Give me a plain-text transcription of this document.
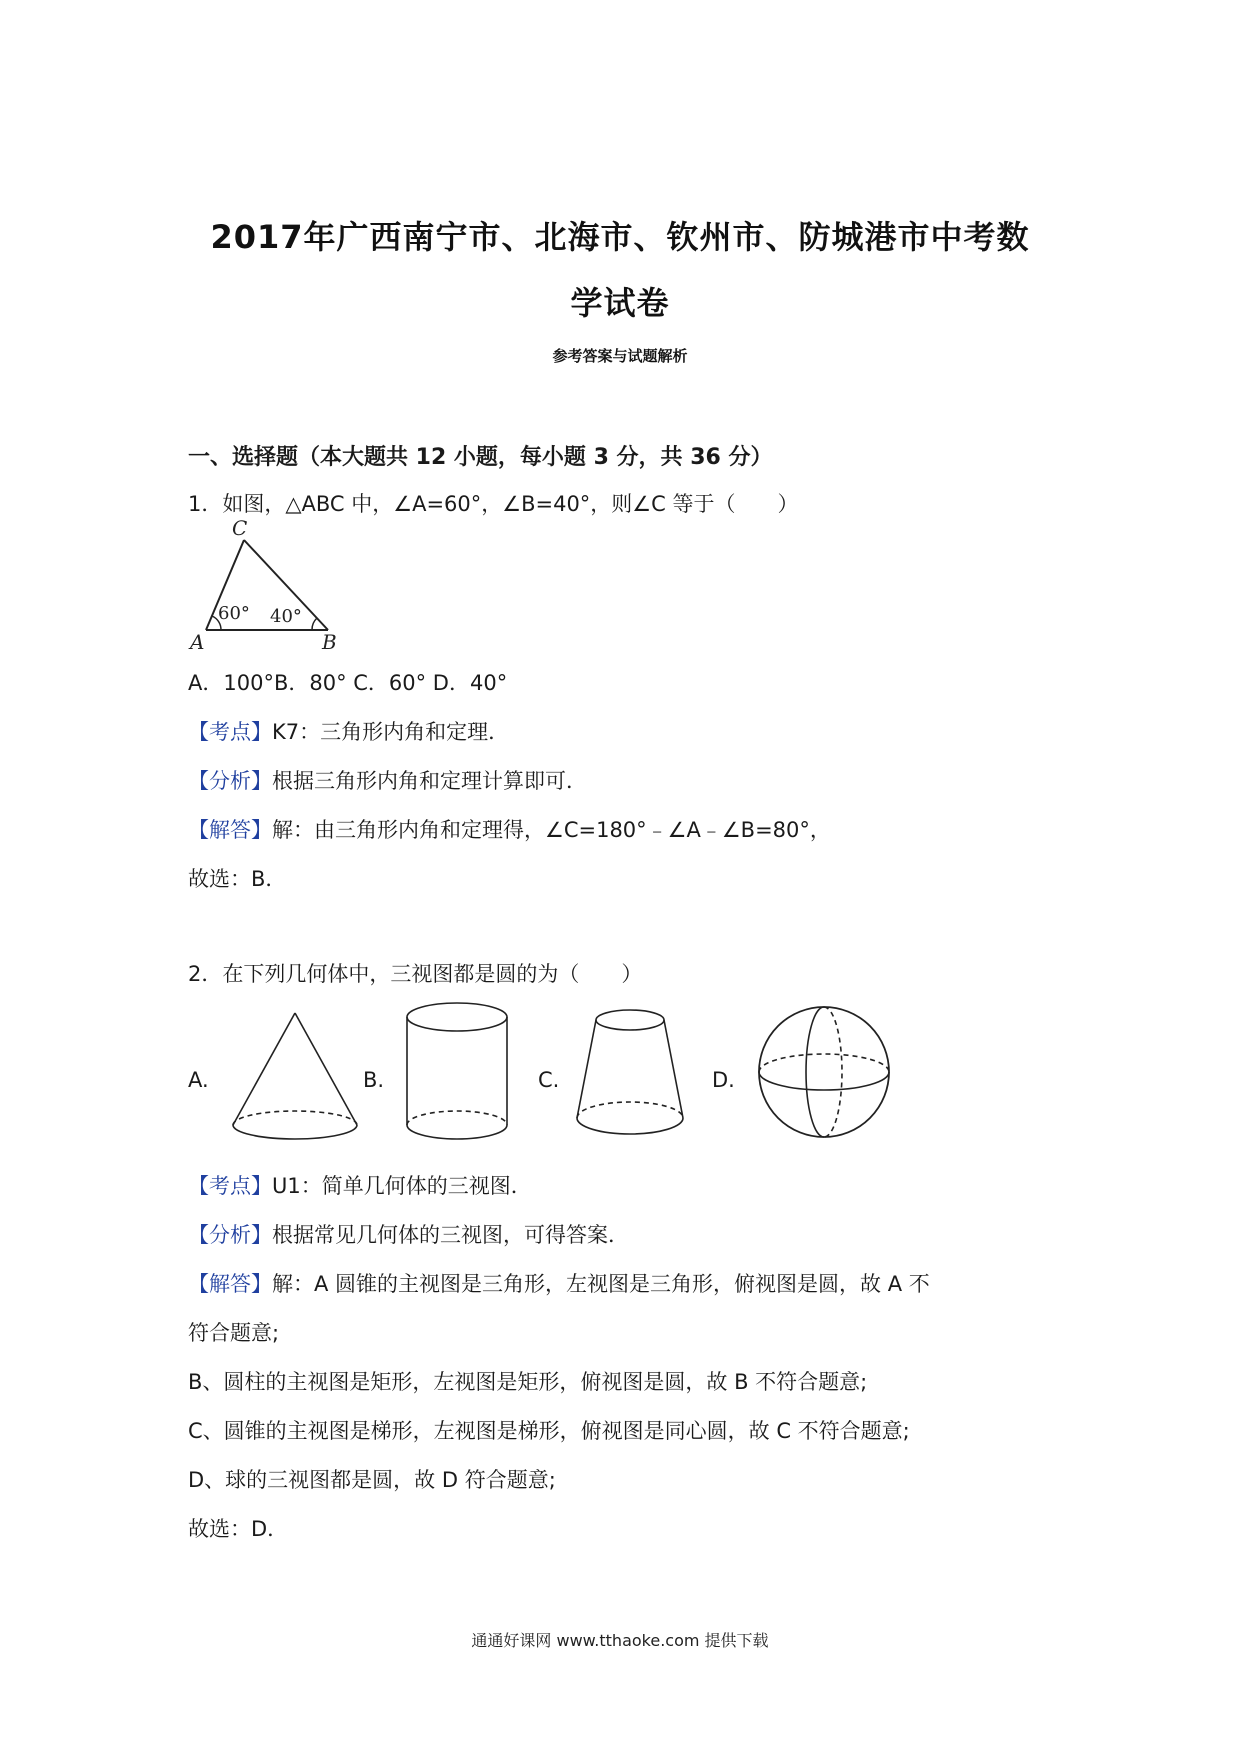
2017年广西南宁市、北海市、钦州市、防城港市中考数
学试卷
参考答案与试题解析
一、选择题（本大题共 12 小题，每小题 3 分，共 36 分）
1．如图，△ABC 中，∠A=60°，∠B=40°，则∠C 等于（　　）
C
A	B
60° 40°
A．100°B．80° C．60° D．40°
【考点】K7：三角形内角和定理．
【分析】根据三角形内角和定理计算即可．
【解答】解：由三角形内角和定理得，∠C=180°﹣∠A﹣∠B=80°，
故选：B．
2．在下列几何体中，三视图都是圆的为（　　）
A.	B.	C.	D.
【考点】U1：简单几何体的三视图．
【分析】根据常见几何体的三视图，可得答案．
【解答】解：A 圆锥的主视图是三角形，左视图是三角形，俯视图是圆，故 A 不
符合题意;
B、圆柱的主视图是矩形，左视图是矩形，俯视图是圆，故 B 不符合题意;
C、圆锥的主视图是梯形，左视图是梯形，俯视图是同心圆，故 C 不符合题意;
D、球的三视图都是圆，故 D 符合题意;
故选：D．
通通好课网 www.tthaoke.com 提供下载
